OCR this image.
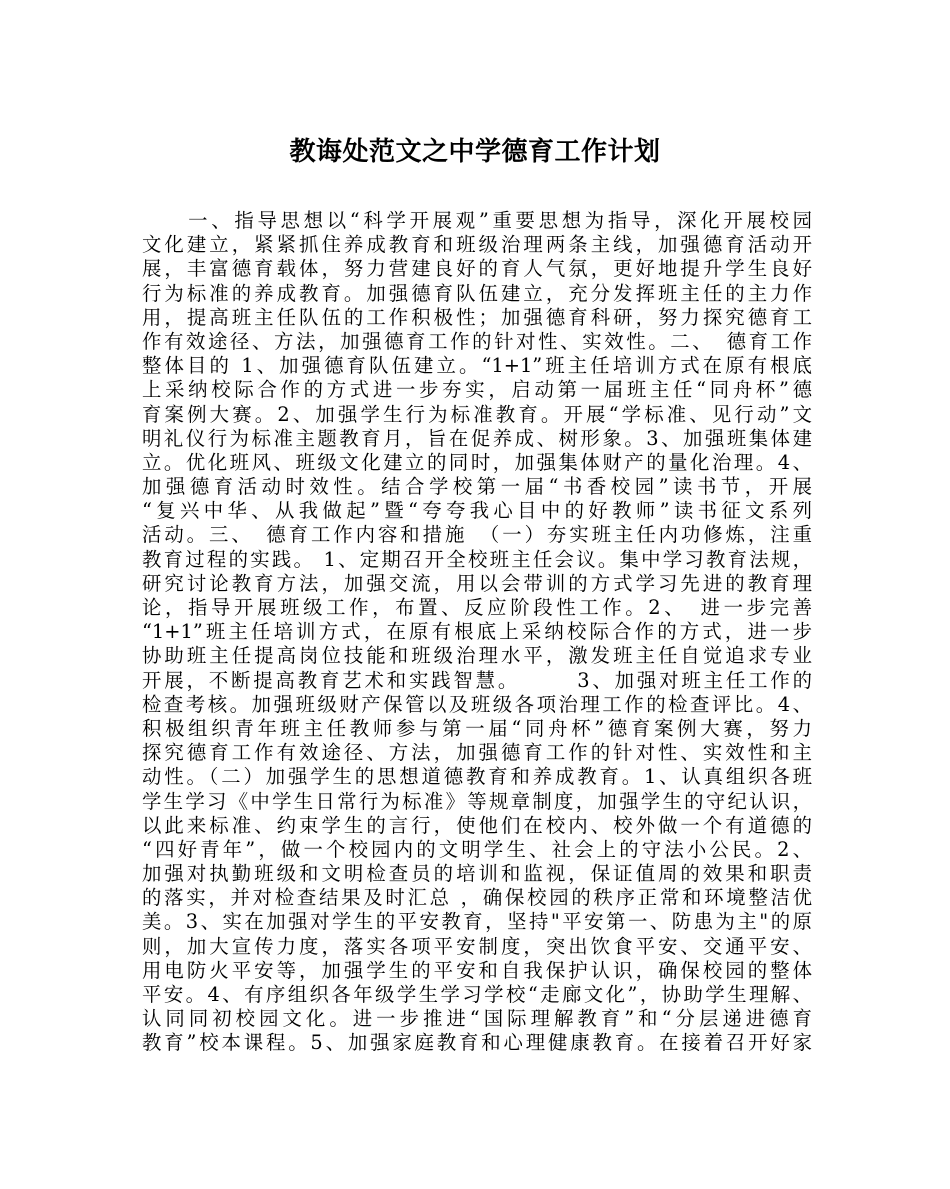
教诲处范文之中学德育工作计划
　　一、指导思想以“科学开展观”重要思想为指导，深化开展校园
文化建立，紧紧抓住养成教育和班级治理两条主线，加强德育活动开
展，丰富德育载体，努力营建良好的育人气氛，更好地提升学生良好
行为标准的养成教育。加强德育队伍建立，充分发挥班主任的主力作
用，提高班主任队伍的工作积极性；加强德育科研，努力探究德育工
作有效途径、方法，加强德育工作的针对性、实效性。二、　德育工作
整体目的 1、加强德育队伍建立。“1+1”班主任培训方式在原有根底
上采纳校际合作的方式进一步夯实，启动第一届班主任“同舟杯”德
育案例大赛。2、加强学生行为标准教育。开展“学标准、见行动”文
明礼仪行为标准主题教育月，旨在促养成、树形象。3、加强班集体建
立。优化班风、班级文化建立的同时，加强集体财产的量化治理。4、
加强德育活动时效性。结合学校第一届“书香校园”读书节，开展
“复兴中华、从我做起”暨“夸夸我心目中的好教师”读书征文系列
活动。三、　德育工作内容和措施　（一）夯实班主任内功修炼，注重
教育过程的实践。 1、定期召开全校班主任会议。集中学习教育法规，
研究讨论教育方法，加强交流，用以会带训的方式学习先进的教育理
论，指导开展班级工作，布置、反应阶段性工作。2、　进一步完善
“1+1”班主任培训方式，在原有根底上采纳校际合作的方式，进一步
协助班主任提高岗位技能和班级治理水平，激发班主任自觉追求专业
开展，不断提高教育艺术和实践智慧。　　　3、加强对班主任工作的
检查考核。加强班级财产保管以及班级各项治理工作的检查评比。4、
积极组织青年班主任教师参与第一届“同舟杯”德育案例大赛，努力
探究德育工作有效途径、方法，加强德育工作的针对性、实效性和主
动性。（二）加强学生的思想道德教育和养成教育。1、认真组织各班
学生学习《中学生日常行为标准》等规章制度，加强学生的守纪认识，
以此来标准、约束学生的言行，使他们在校内、校外做一个有道德的
“四好青年”，做一个校园内的文明学生、社会上的守法小公民。2、
加强对执勤班级和文明检查员的培训和监视，保证值周的效果和职责
的落实，并对检查结果及时汇总 ，确保校园的秩序正常和环境整洁优
美。3、实在加强对学生的平安教育，坚持"平安第一、防患为主"的原
则，加大宣传力度，落实各项平安制度，突出饮食平安、交通平安、
用电防火平安等，加强学生的平安和自我保护认识，确保校园的整体
平安。4、有序组织各年级学生学习学校“走廊文化”，协助学生理解、
认同同初校园文化。进一步推进“国际理解教育”和“分层递进德育
教育”校本课程。5、加强家庭教育和心理健康教育。在接着召开好家
